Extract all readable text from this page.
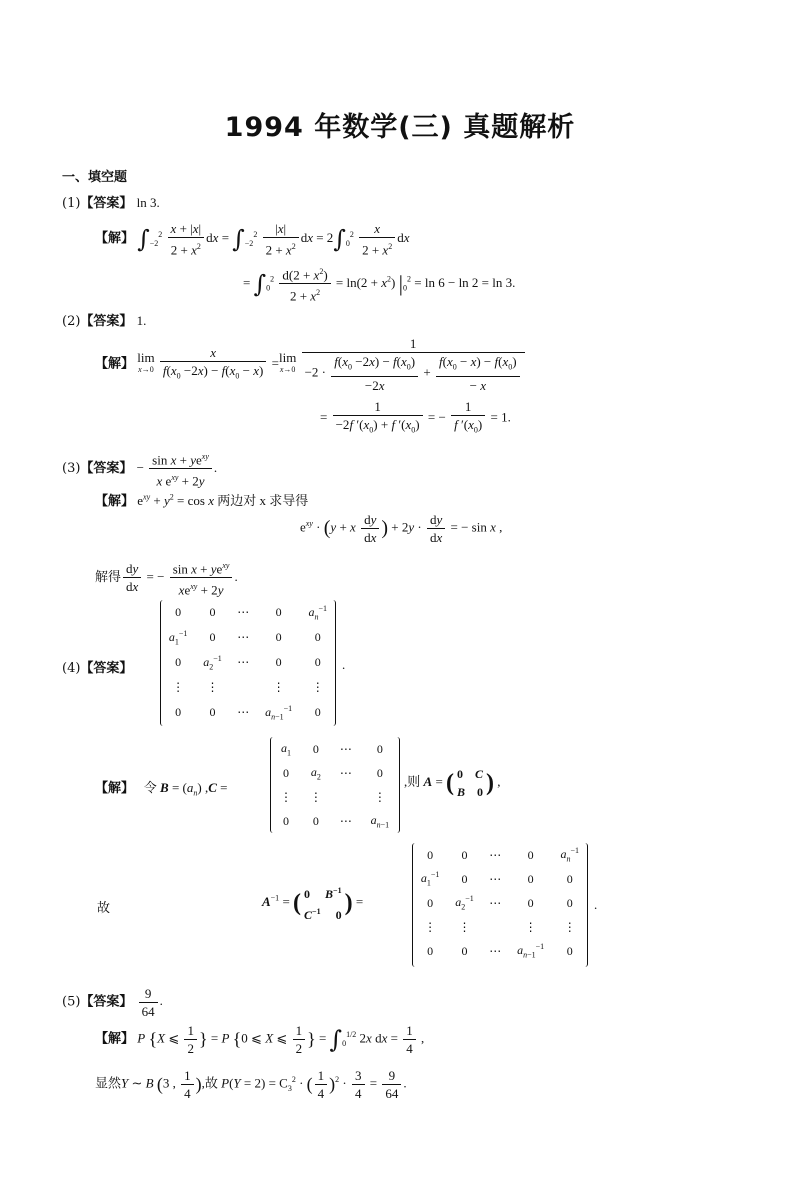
1994 年数学(三) 真题解析
一、填空题
(1)【答案】 ln 3.
【解】 $\int_{-2}^2 \frac{x + |x|}{2 + x^2}$ dx = $\int_{-2}^2 \frac{|x|}{2 + x^2}$ dx = $2\int_0^2 \frac{x}{2 + x^2}$ dx
= $\int_0^2 \frac{d(2 + x^2)}{2 + x^2} = \ln(2 + x^2) |_0^2 = \ln 6 - \ln 2 = \ln 3$.
(2)【答案】 1.
【解】 lim
x→0
$\frac{x}{f(x_0 -2x) - f(x_0 - x)} =\lim$
x→0
$\frac{1}{-2 \cdot \frac{f(x_0 -2x) - f(x_0)}{-2x} + \frac{f(x_0 - x) - f(x_0)}{- x}}$
= $\frac{1}{-2f '(x_0) + f '(x_0)}$ = − $\frac{1}{f '(x_0)} = 1$.
(3)【答案】 − $\frac{\sin x + ye^{xy}}{x e^{xy} + 2y}$ .
【解】 $e^{xy} + y^2 = \cos x$ 两边对 x 求导得
$e^{xy} \cdot (y + x \frac{dy}{dx}$ ) + $2y \cdot \frac{dy}{dx}$ = − sin x ,
解得 $\frac{dy}{dx}$ = − $\frac{\sin x + ye^{xy}}{xe^{xy} + 2y}$ .
(4)【答案】
0	0	⋯	0	$a_n^{-1}$
$a_1^{-1}$	0	⋯	0	0
0	$a_2^{-1}$	⋯	0	0
⋮	⋮		⋮	⋮
0	0	⋯	$a_{n-1}^{-1}$	0
.
【解】 令 $B = (a_n) ,C$ =
$a_1$	0	⋯	0
0	$a_2$	⋯	0
⋮	⋮		⋮
0	0	⋯	$a_{n-1}$
,则 A = ( 0    C
B    0 ) ,
故	$A^{-1}$ = ( 0     $B^{-1}$
$C^{-1}$     0 ) =
0	0	⋯	0	$a_n^{-1}$
$a_1^{-1}$	0	⋯	0	0
0	$a_2^{-1}$	⋯	0	0
⋮	⋮		⋮	⋮
0	0	⋯	$a_{n-1}^{-1}$	0
.
(5)【答案】 $\frac{9}{64}$ .
【解】 P {X ⩽ $\frac{1}{2}$ } = P {0 ⩽ X ⩽ $\frac{1}{2}$ } = $\int_0^{1/2}$ 2x dx = $\frac{1}{4}$ ,
显然Y ∼ B (3 , $\frac{1}{4}$ ),故 $P(Y = 2) = C_3^2$ · ( $\frac{1}{4} )^2 \cdot \frac{3}{4} = \frac{9}{64}$ .
